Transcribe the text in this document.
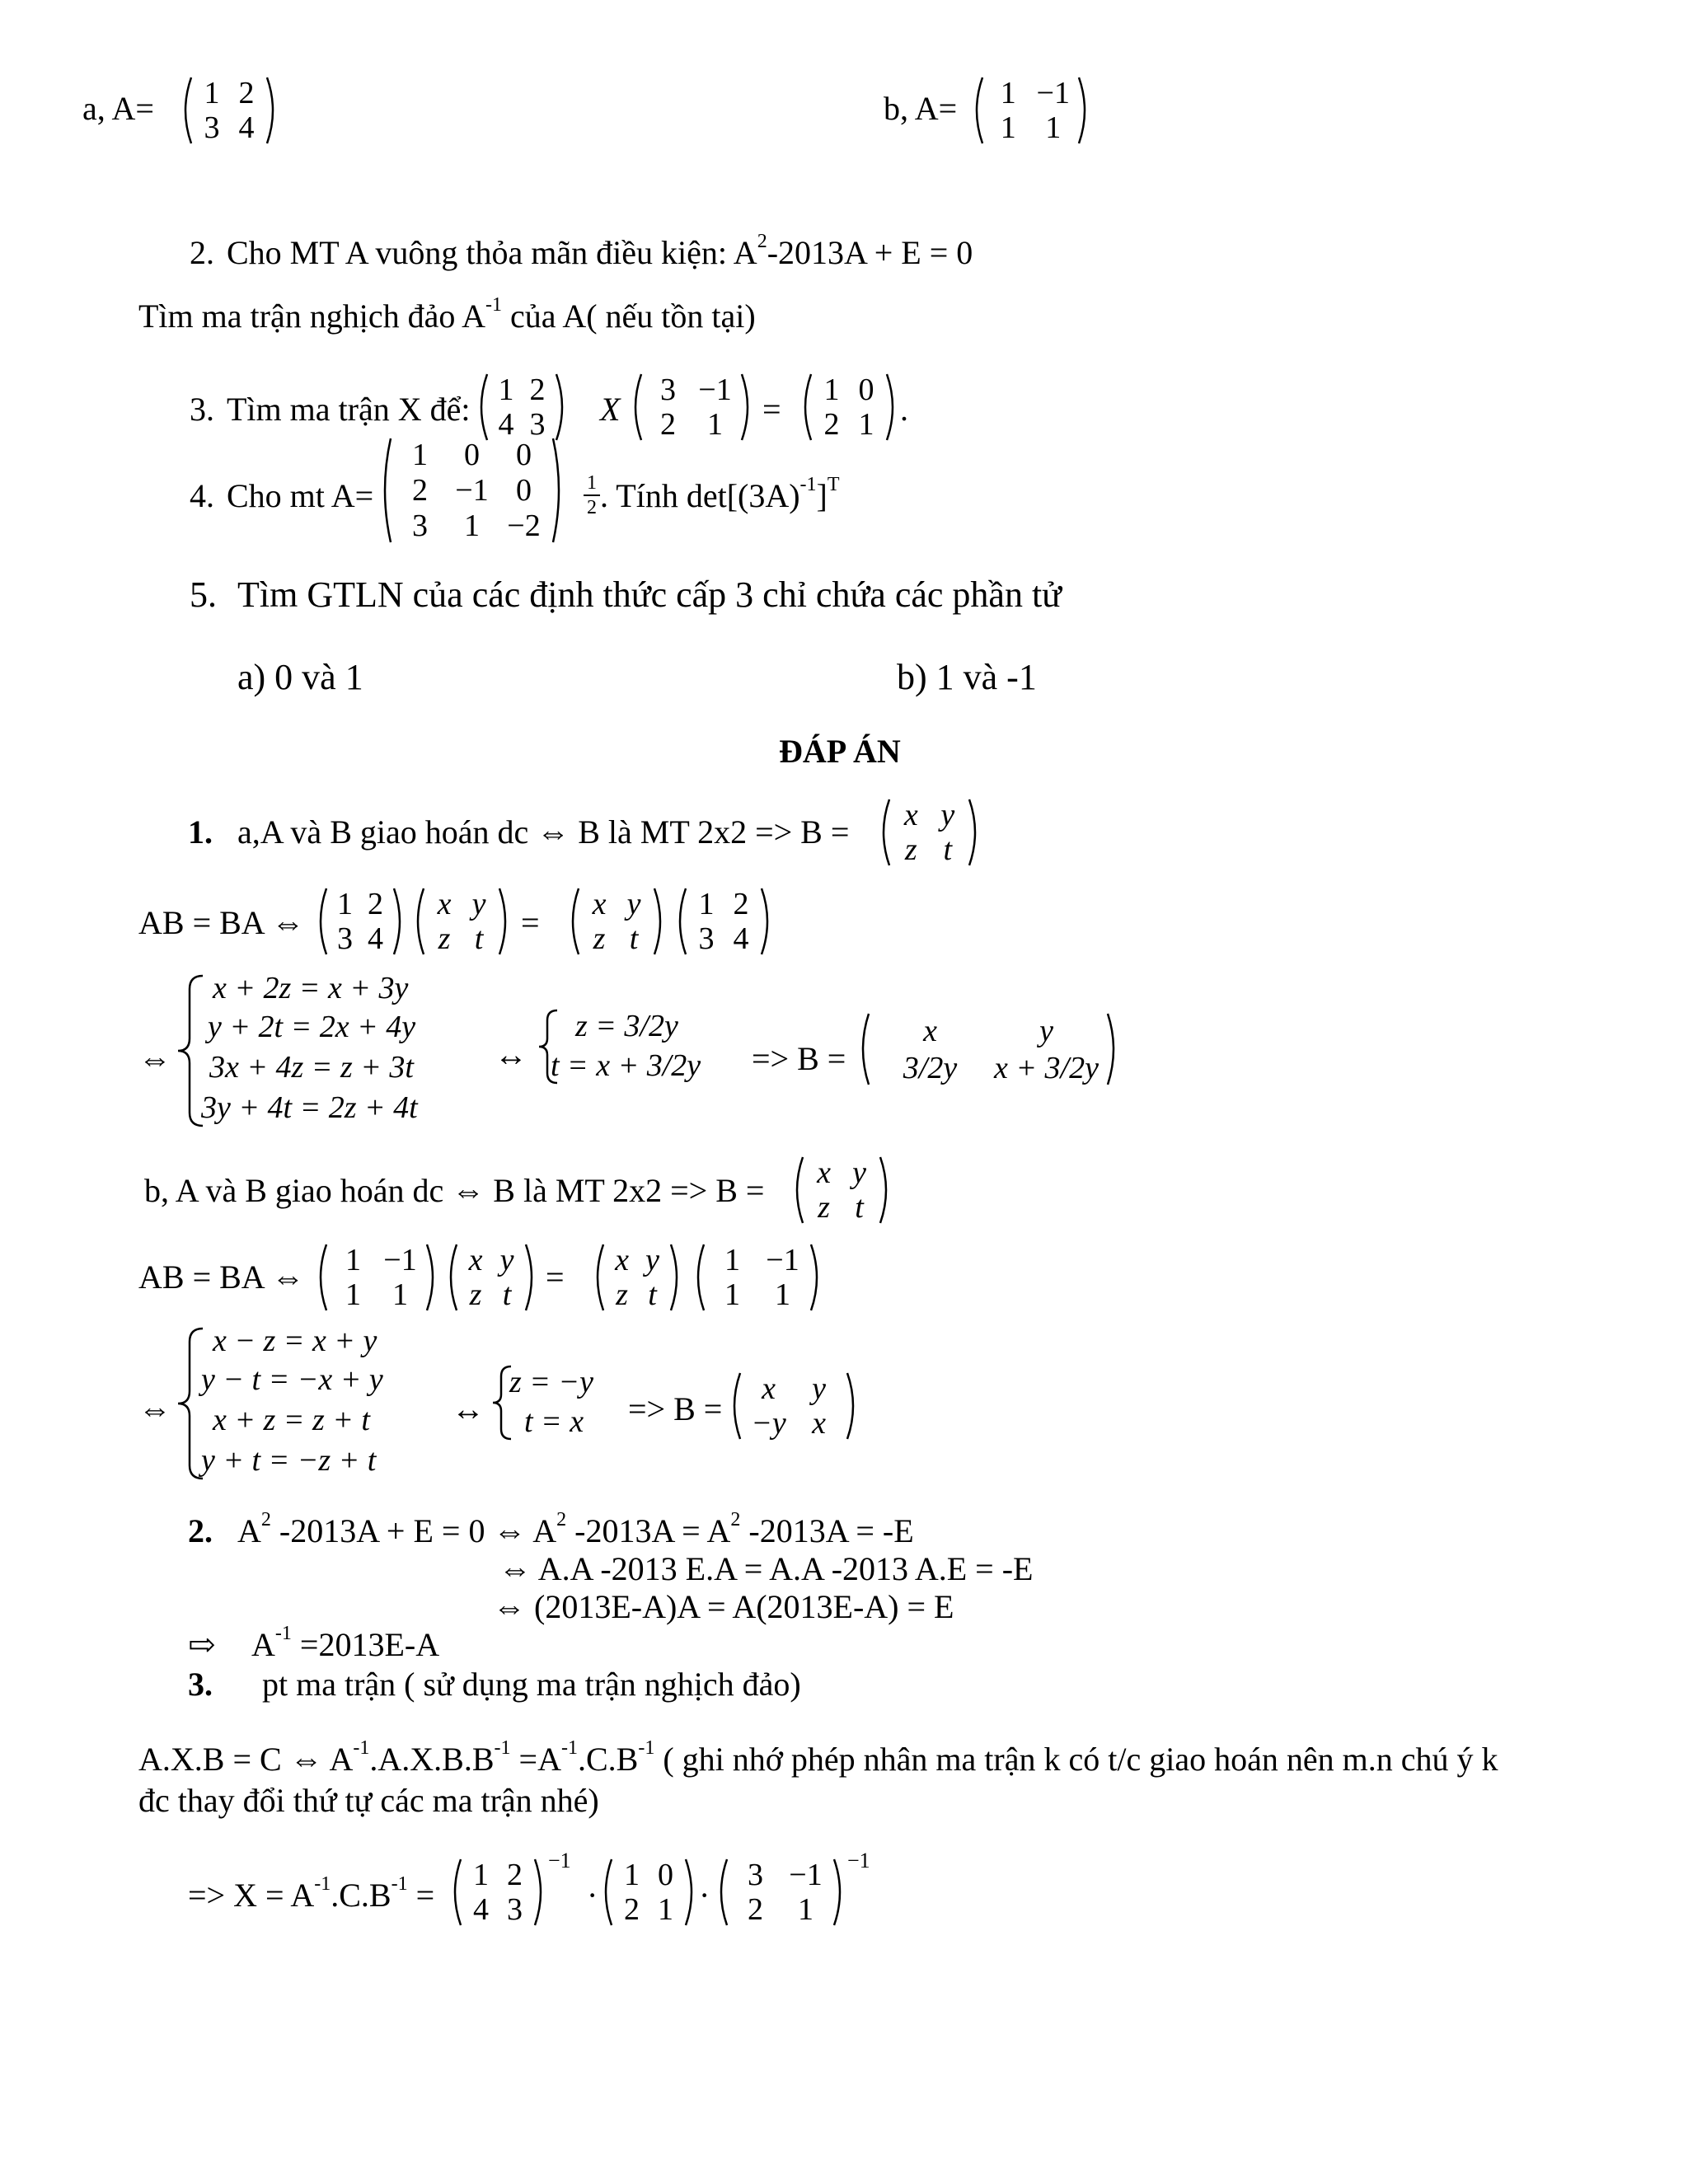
a, A=	1 2
3 4
b, A=	1 −1
1 1
2. Cho MT A vuông thỏa mãn điều kiện: $A^2-2013A + E = 0$
Tìm ma trận nghịch đảo $A^{-1}$ của A( nếu tồn tại)
3. Tìm ma trận X để:
1 2
4 3 X
3 −1
2	1	=
1 0
2 1 .
4. Cho mt A=
1	0	0
2 −1 0
3	1 −2
1
2 . Tính $\det[(3A)^{-1}]^T$
5. Tìm GTLN của các định thức cấp 3 chỉ chứa các phần tử
a) 0 và 1	b) 1 và -1
ĐÁP ÁN
1. a,A và B giao hoán dc ⇔ B là MT 2x2 => B =	x y
z t
AB = BA ⇔ 1 2
3 4
x y
z t	=	x y
z t
1 2
3 4
⇔
x + 2z = x + 3y
y + 2t = 2x + 4y
3x + 4z = z + 3t
3y + 4t = 2z + 4t
↔
z = 3/2y
t = x + 3/2y => B =
x	y
3/2y	x + 3/2y
b, A và B giao hoán dc ⇔ B là MT 2x2 => B =	x y
z t
AB = BA ⇔	1 −1
1	1
x y
z t	= x y
z t
1 −1
1	1
⇔
x − z = x + y
y − t = −x + y
x + z = z + t
y + t = −z + t
↔
z = −y
t = x => B =
x	y
−y x
2. $A^2$ -2013A + E = 0 ⇔ $A^2$ $-2013A = A^2$ -2013A = -E
⇔ A.A -2013 E.A = A.A -2013 A.E = -E
⇔ (2013E-A)A = A(2013E-A) = E
⇨ $A^{-1} =2013E-A$
3. pt ma trận ( sử dụng ma trận nghịch đảo)
A.X.B = C ⇔ $A^{-1}.A.X.B.B^{-1} =A^{-1}.C.B^{-1}$ ( ghi nhớ phép nhân ma trận k có t/c giao hoán nên m.n chú ý k
đc thay đổi thứ tự các ma trận nhé)
=> $X = A^{-1}.C.B^{-1}$ =
1 2
4 3
−1
·
1 0
2 1 ·
3 −1
2	1
−1
